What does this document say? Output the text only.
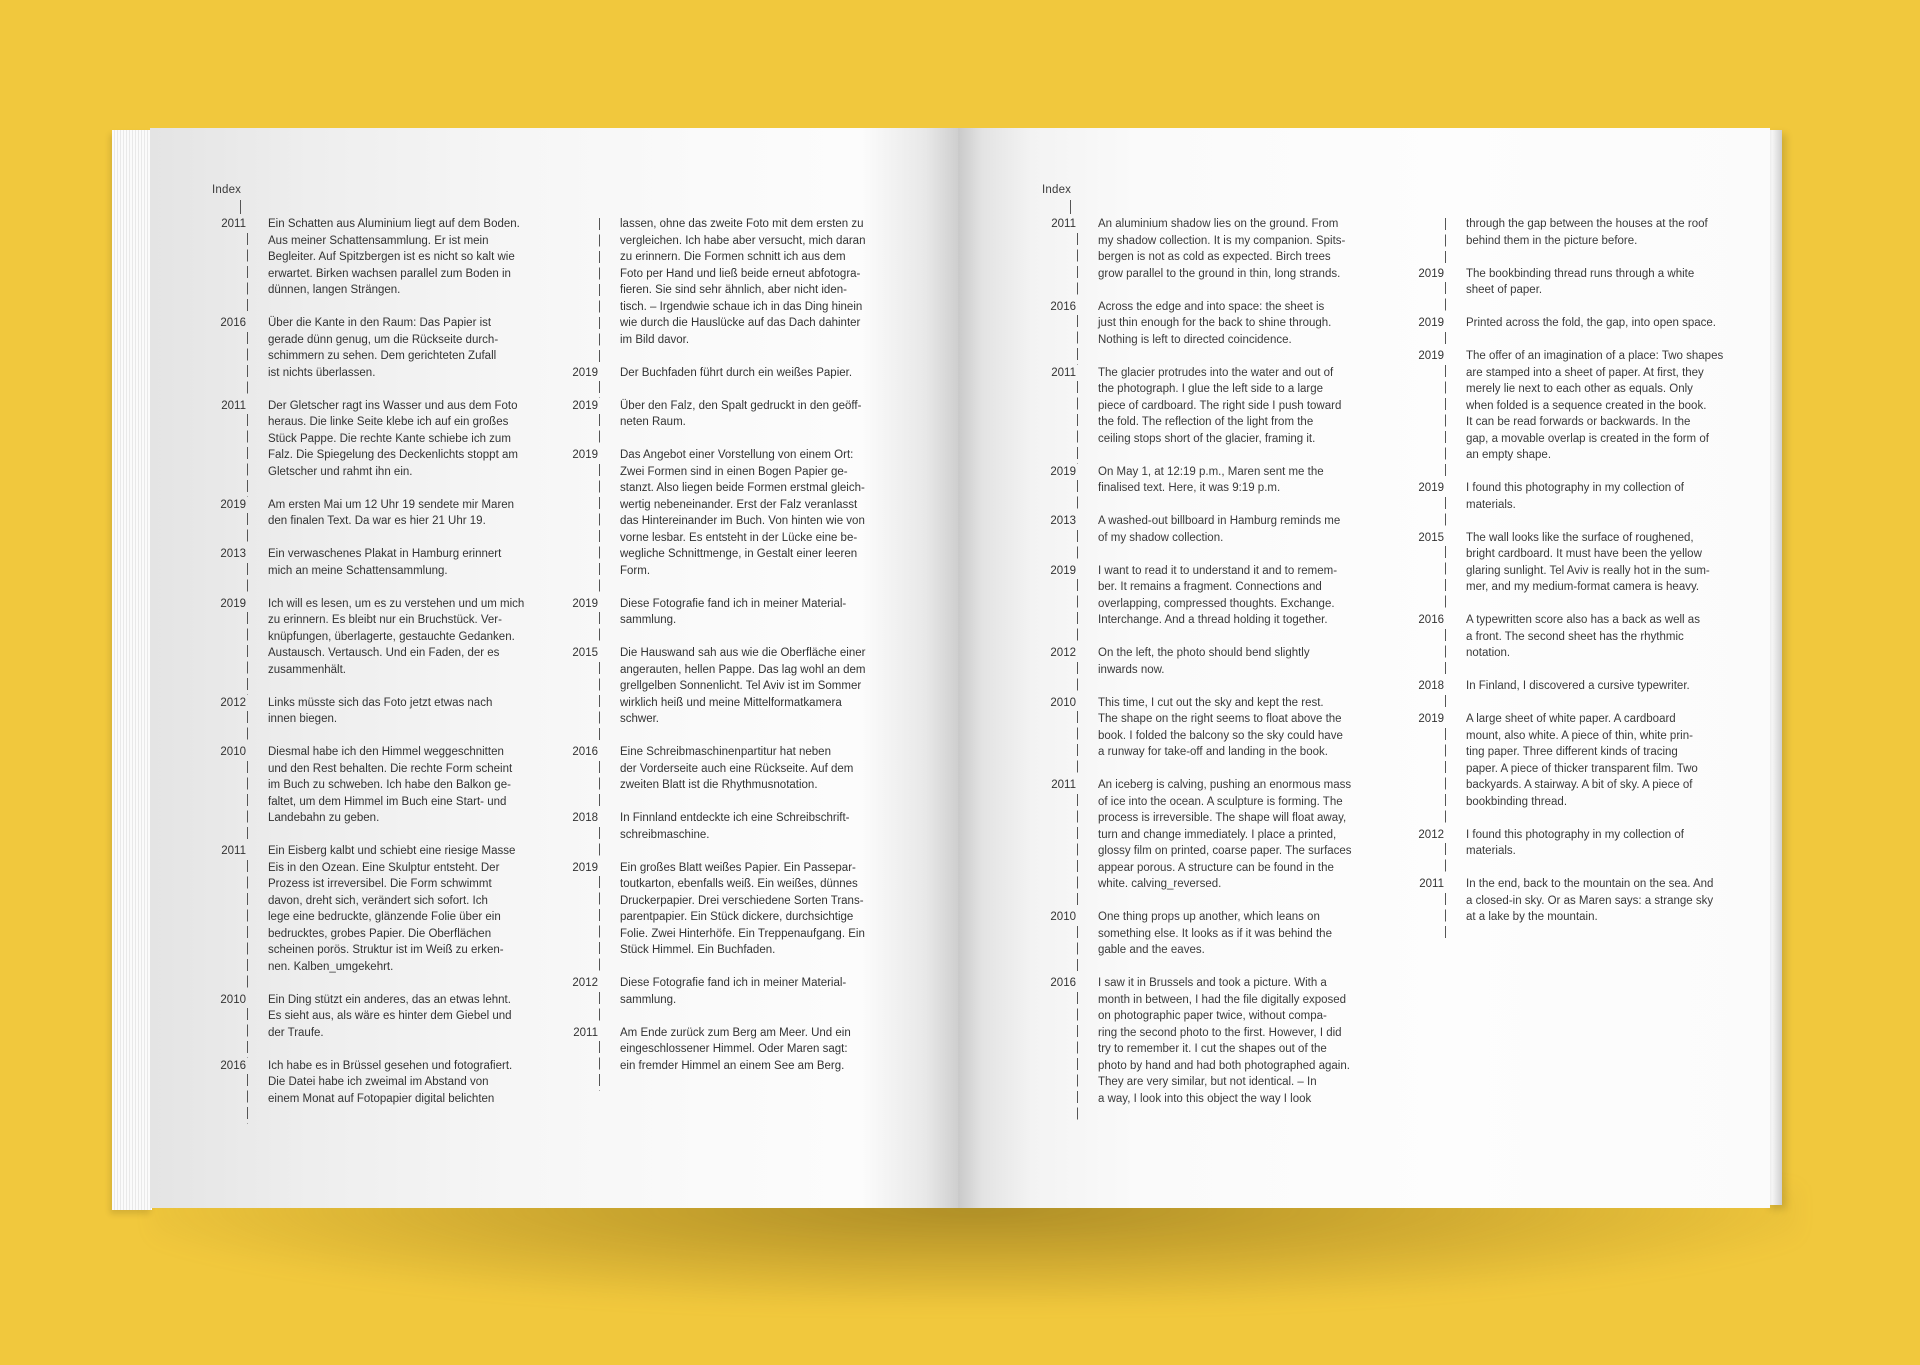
Index
2011	Ein Schatten aus Aluminium liegt auf dem Boden.
Aus meiner Schattensammlung. Er ist mein
Begleiter. Auf Spitzbergen ist es nicht so kalt wie
erwartet. Birken wachsen parallel zum Boden in
dünnen, langen Strängen.
2016	Über die Kante in den Raum: Das Papier ist
gerade dünn genug, um die Rückseite durch-
schimmern zu sehen. Dem gerichteten Zufall
ist nichts überlassen.
2011	Der Gletscher ragt ins Wasser und aus dem Foto
heraus. Die linke Seite klebe ich auf ein großes
Stück Pappe. Die rechte Kante schiebe ich zum
Falz. Die Spiegelung des Deckenlichts stoppt am
Gletscher und rahmt ihn ein.
2019	Am ersten Mai um 12 Uhr 19 sendete mir Maren
den finalen Text. Da war es hier 21 Uhr 19.
2013	Ein verwaschenes Plakat in Hamburg erinnert
mich an meine Schattensammlung.
2019	Ich will es lesen, um es zu verstehen und um mich
zu erinnern. Es bleibt nur ein Bruchstück. Ver-
knüpfungen, überlagerte, gestauchte Gedanken.
Austausch. Vertausch. Und ein Faden, der es
zusammenhält.
2012	Links müsste sich das Foto jetzt etwas nach
innen biegen.
2010	Diesmal habe ich den Himmel weggeschnitten
und den Rest behalten. Die rechte Form scheint
im Buch zu schweben. Ich habe den Balkon ge-
faltet, um dem Himmel im Buch eine Start- und
Landebahn zu geben.
2011	Ein Eisberg kalbt und schiebt eine riesige Masse
Eis in den Ozean. Eine Skulptur entsteht. Der
Prozess ist irreversibel. Die Form schwimmt
davon, dreht sich, verändert sich sofort. Ich
lege eine bedruckte, glänzende Folie über ein
bedrucktes, grobes Papier. Die Oberflächen
scheinen porös. Struktur ist im Weiß zu erken-
nen. Kalben_umgekehrt.
2010	Ein Ding stützt ein anderes, das an etwas lehnt.
Es sieht aus, als wäre es hinter dem Giebel und
der Traufe.
2016	Ich habe es in Brüssel gesehen und fotografiert.
Die Datei habe ich zweimal im Abstand von
einem Monat auf Fotopapier digital belichten
lassen, ohne das zweite Foto mit dem ersten zu
vergleichen. Ich habe aber versucht, mich daran
zu erinnern. Die Formen schnitt ich aus dem
Foto per Hand und ließ beide erneut abfotogra-
fieren. Sie sind sehr ähnlich, aber nicht iden-
tisch. – Irgendwie schaue ich in das Ding hinein
wie durch die Hauslücke auf das Dach dahinter
im Bild davor.
2019	Der Buchfaden führt durch ein weißes Papier.
2019	Über den Falz, den Spalt gedruckt in den geöff-
neten Raum.
2019	Das Angebot einer Vorstellung von einem Ort:
Zwei Formen sind in einen Bogen Papier ge-
stanzt. Also liegen beide Formen erstmal gleich-
wertig nebeneinander. Erst der Falz veranlasst
das Hintereinander im Buch. Von hinten wie von
vorne lesbar. Es entsteht in der Lücke eine be-
wegliche Schnittmenge, in Gestalt einer leeren
Form.
2019	Diese Fotografie fand ich in meiner Material-
sammlung.
2015	Die Hauswand sah aus wie die Oberfläche einer
angerauten, hellen Pappe. Das lag wohl an dem
grellgelben Sonnenlicht. Tel Aviv ist im Sommer
wirklich heiß und meine Mittelformatkamera
schwer.
2016	Eine Schreibmaschinenpartitur hat neben
der Vorderseite auch eine Rückseite. Auf dem
zweiten Blatt ist die Rhythmusnotation.
2018	In Finnland entdeckte ich eine Schreibschrift-
schreibmaschine.
2019	Ein großes Blatt weißes Papier. Ein Passepar-
toutkarton, ebenfalls weiß. Ein weißes, dünnes
Druckerpapier. Drei verschiedene Sorten Trans-
parentpapier. Ein Stück dickere, durchsichtige
Folie. Zwei Hinterhöfe. Ein Treppenaufgang. Ein
Stück Himmel. Ein Buchfaden.
2012	Diese Fotografie fand ich in meiner Material-
sammlung.
2011	Am Ende zurück zum Berg am Meer. Und ein
eingeschlossener Himmel. Oder Maren sagt:
ein fremder Himmel an einem See am Berg.
Index
2011	An aluminium shadow lies on the ground. From
my shadow collection. It is my companion. Spits-
bergen is not as cold as expected. Birch trees
grow parallel to the ground in thin, long strands.
2016	Across the edge and into space: the sheet is
just thin enough for the back to shine through.
Nothing is left to directed coincidence.
2011	The glacier protrudes into the water and out of
the photograph. I glue the left side to a large
piece of cardboard. The right side I push toward
the fold. The reflection of the light from the
ceiling stops short of the glacier, framing it.
2019	On May 1, at 12:19 p.m., Maren sent me the
finalised text. Here, it was 9:19 p.m.
2013	A washed-out billboard in Hamburg reminds me
of my shadow collection.
2019	I want to read it to understand it and to remem-
ber. It remains a fragment. Connections and
overlapping, compressed thoughts. Exchange.
Interchange. And a thread holding it together.
2012	On the left, the photo should bend slightly
inwards now.
2010	This time, I cut out the sky and kept the rest.
The shape on the right seems to float above the
book. I folded the balcony so the sky could have
a runway for take-off and landing in the book.
2011	An iceberg is calving, pushing an enormous mass
of ice into the ocean. A sculpture is forming. The
process is irreversible. The shape will float away,
turn and change immediately. I place a printed,
glossy film on printed, coarse paper. The surfaces
appear porous. A structure can be found in the
white. calving_reversed.
2010	One thing props up another, which leans on
something else. It looks as if it was behind the
gable and the eaves.
2016	I saw it in Brussels and took a picture. With a
month in between, I had the file digitally exposed
on photographic paper twice, without compa-
ring the second photo to the first. However, I did
try to remember it. I cut the shapes out of the
photo by hand and had both photographed again.
They are very similar, but not identical. – In
a way, I look into this object the way I look
through the gap between the houses at the roof
behind them in the picture before.
2019	The bookbinding thread runs through a white
sheet of paper.
2019	Printed across the fold, the gap, into open space.
2019	The offer of an imagination of a place: Two shapes
are stamped into a sheet of paper. At first, they
merely lie next to each other as equals. Only
when folded is a sequence created in the book.
It can be read forwards or backwards. In the
gap, a movable overlap is created in the form of
an empty shape.
2019	I found this photography in my collection of
materials.
2015	The wall looks like the surface of roughened,
bright cardboard. It must have been the yellow
glaring sunlight. Tel Aviv is really hot in the sum-
mer, and my medium-format camera is heavy.
2016	A typewritten score also has a back as well as
a front. The second sheet has the rhythmic
notation.
2018	In Finland, I discovered a cursive typewriter.
2019	A large sheet of white paper. A cardboard
mount, also white. A piece of thin, white prin-
ting paper. Three different kinds of tracing
paper. A piece of thicker transparent film. Two
backyards. A stairway. A bit of sky. A piece of
bookbinding thread.
2012	I found this photography in my collection of
materials.
2011	In the end, back to the mountain on the sea. And
a closed-in sky. Or as Maren says: a strange sky
at a lake by the mountain.
